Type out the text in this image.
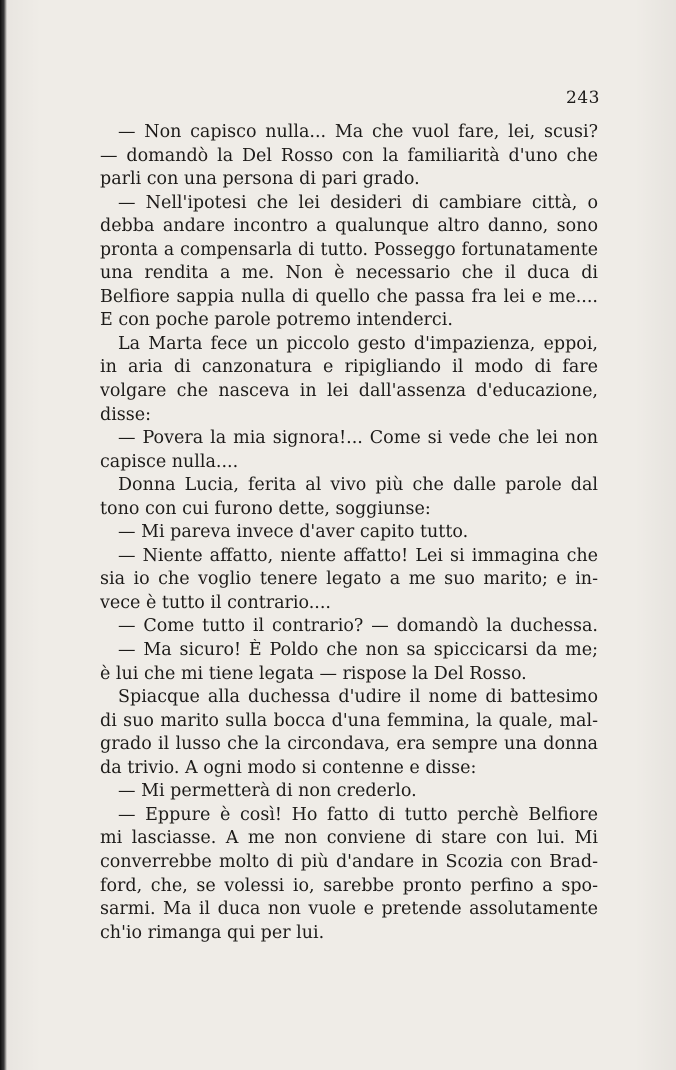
243
— Non capisco nulla... Ma che vuol fare, lei, scusi?
— domandò la Del Rosso con la familiarità d'uno che
parli con una persona di pari grado.
— Nell'ipotesi che lei desideri di cambiare città, o
debba andare incontro a qualunque altro danno, sono
pronta a compensarla di tutto. Posseggo fortunatamente
una rendita a me. Non è necessario che il duca di
Belfiore sappia nulla di quello che passa fra lei e me....
E con poche parole potremo intenderci.
La Marta fece un piccolo gesto d'impazienza, eppoi,
in aria di canzonatura e ripigliando il modo di fare
volgare che nasceva in lei dall'assenza d'educazione,
disse:
— Povera la mia signora!... Come si vede che lei non
capisce nulla....
Donna Lucia, ferita al vivo più che dalle parole dal
tono con cui furono dette, soggiunse:
— Mi pareva invece d'aver capito tutto.
— Niente affatto, niente affatto! Lei si immagina che
sia io che voglio tenere legato a me suo marito; e in-
vece è tutto il contrario....
— Come tutto il contrario? — domandò la duchessa.
— Ma sicuro! È Poldo che non sa spiccicarsi da me;
è lui che mi tiene legata — rispose la Del Rosso.
Spiacque alla duchessa d'udire il nome di battesimo
di suo marito sulla bocca d'una femmina, la quale, mal-
grado il lusso che la circondava, era sempre una donna
da trivio. A ogni modo si contenne e disse:
— Mi permetterà di non crederlo.
— Eppure è così! Ho fatto di tutto perchè Belfiore
mi lasciasse. A me non conviene di stare con lui. Mi
converrebbe molto di più d'andare in Scozia con Brad-
ford, che, se volessi io, sarebbe pronto perfino a spo-
sarmi. Ma il duca non vuole e pretende assolutamente
ch'io rimanga qui per lui.
